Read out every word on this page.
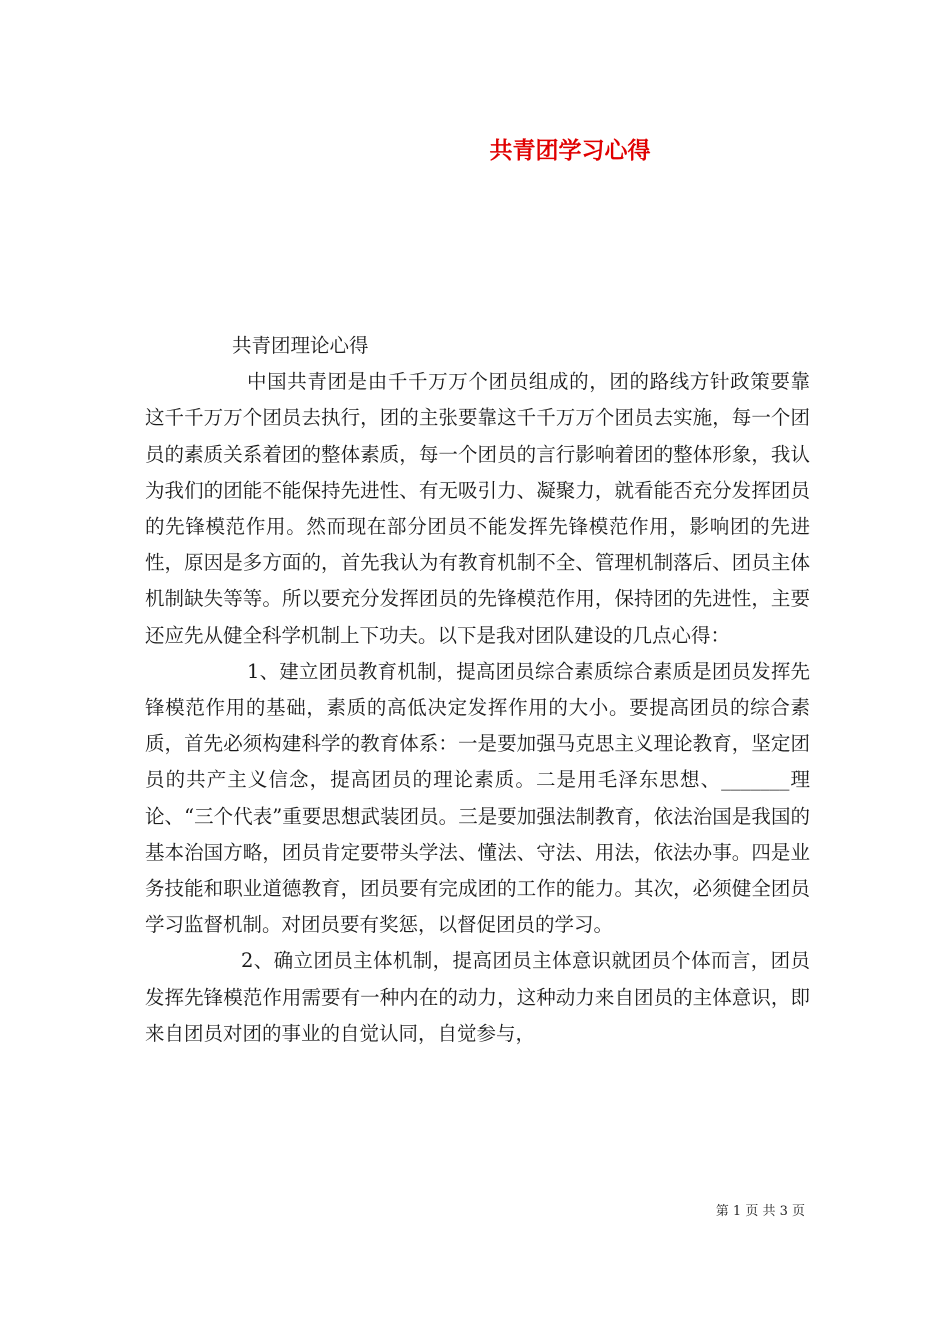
共青团学习心得

共青团理论心得

中国共青团是由千千万万个团员组成的，团的路线方针政策要靠这千千万万个团员去执行，团的主张要靠这千千万万个团员去实施，每一个团员的素质关系着团的整体素质，每一个团员的言行影响着团的整体形象，我认为我们的团能不能保持先进性、有无吸引力、凝聚力，就看能否充分发挥团员的先锋模范作用。然而现在部分团员不能发挥先锋模范作用，影响团的先进性，原因是多方面的，首先我认为有教育机制不全、管理机制落后、团员主体机制缺失等等。所以要充分发挥团员的先锋模范作用，保持团的先进性，主要还应先从健全科学机制上下功夫。以下是我对团队建设的几点心得：

1、建立团员教育机制，提高团员综合素质综合素质是团员发挥先锋模范作用的基础，素质的高低决定发挥作用的大小。要提高团员的综合素质，首先必须构建科学的教育体系：一是要加强马克思主义理论教育，坚定团员的共产主义信念，提高团员的理论素质。二是用毛泽东思想、_______理论、“三个代表”重要思想武装团员。三是要加强法制教育，依法治国是我国的基本治国方略，团员肯定要带头学法、懂法、守法、用法，依法办事。四是业务技能和职业道德教育，团员要有完成团的工作的能力。其次，必须健全团员学习监督机制。对团员要有奖惩，以督促团员的学习。

2、确立团员主体机制，提高团员主体意识就团员个体而言，团员发挥先锋模范作用需要有一种内在的动力，这种动力来自团员的主体意识，即来自团员对团的事业的自觉认同，自觉参与，

第 1 页 共 3 页
